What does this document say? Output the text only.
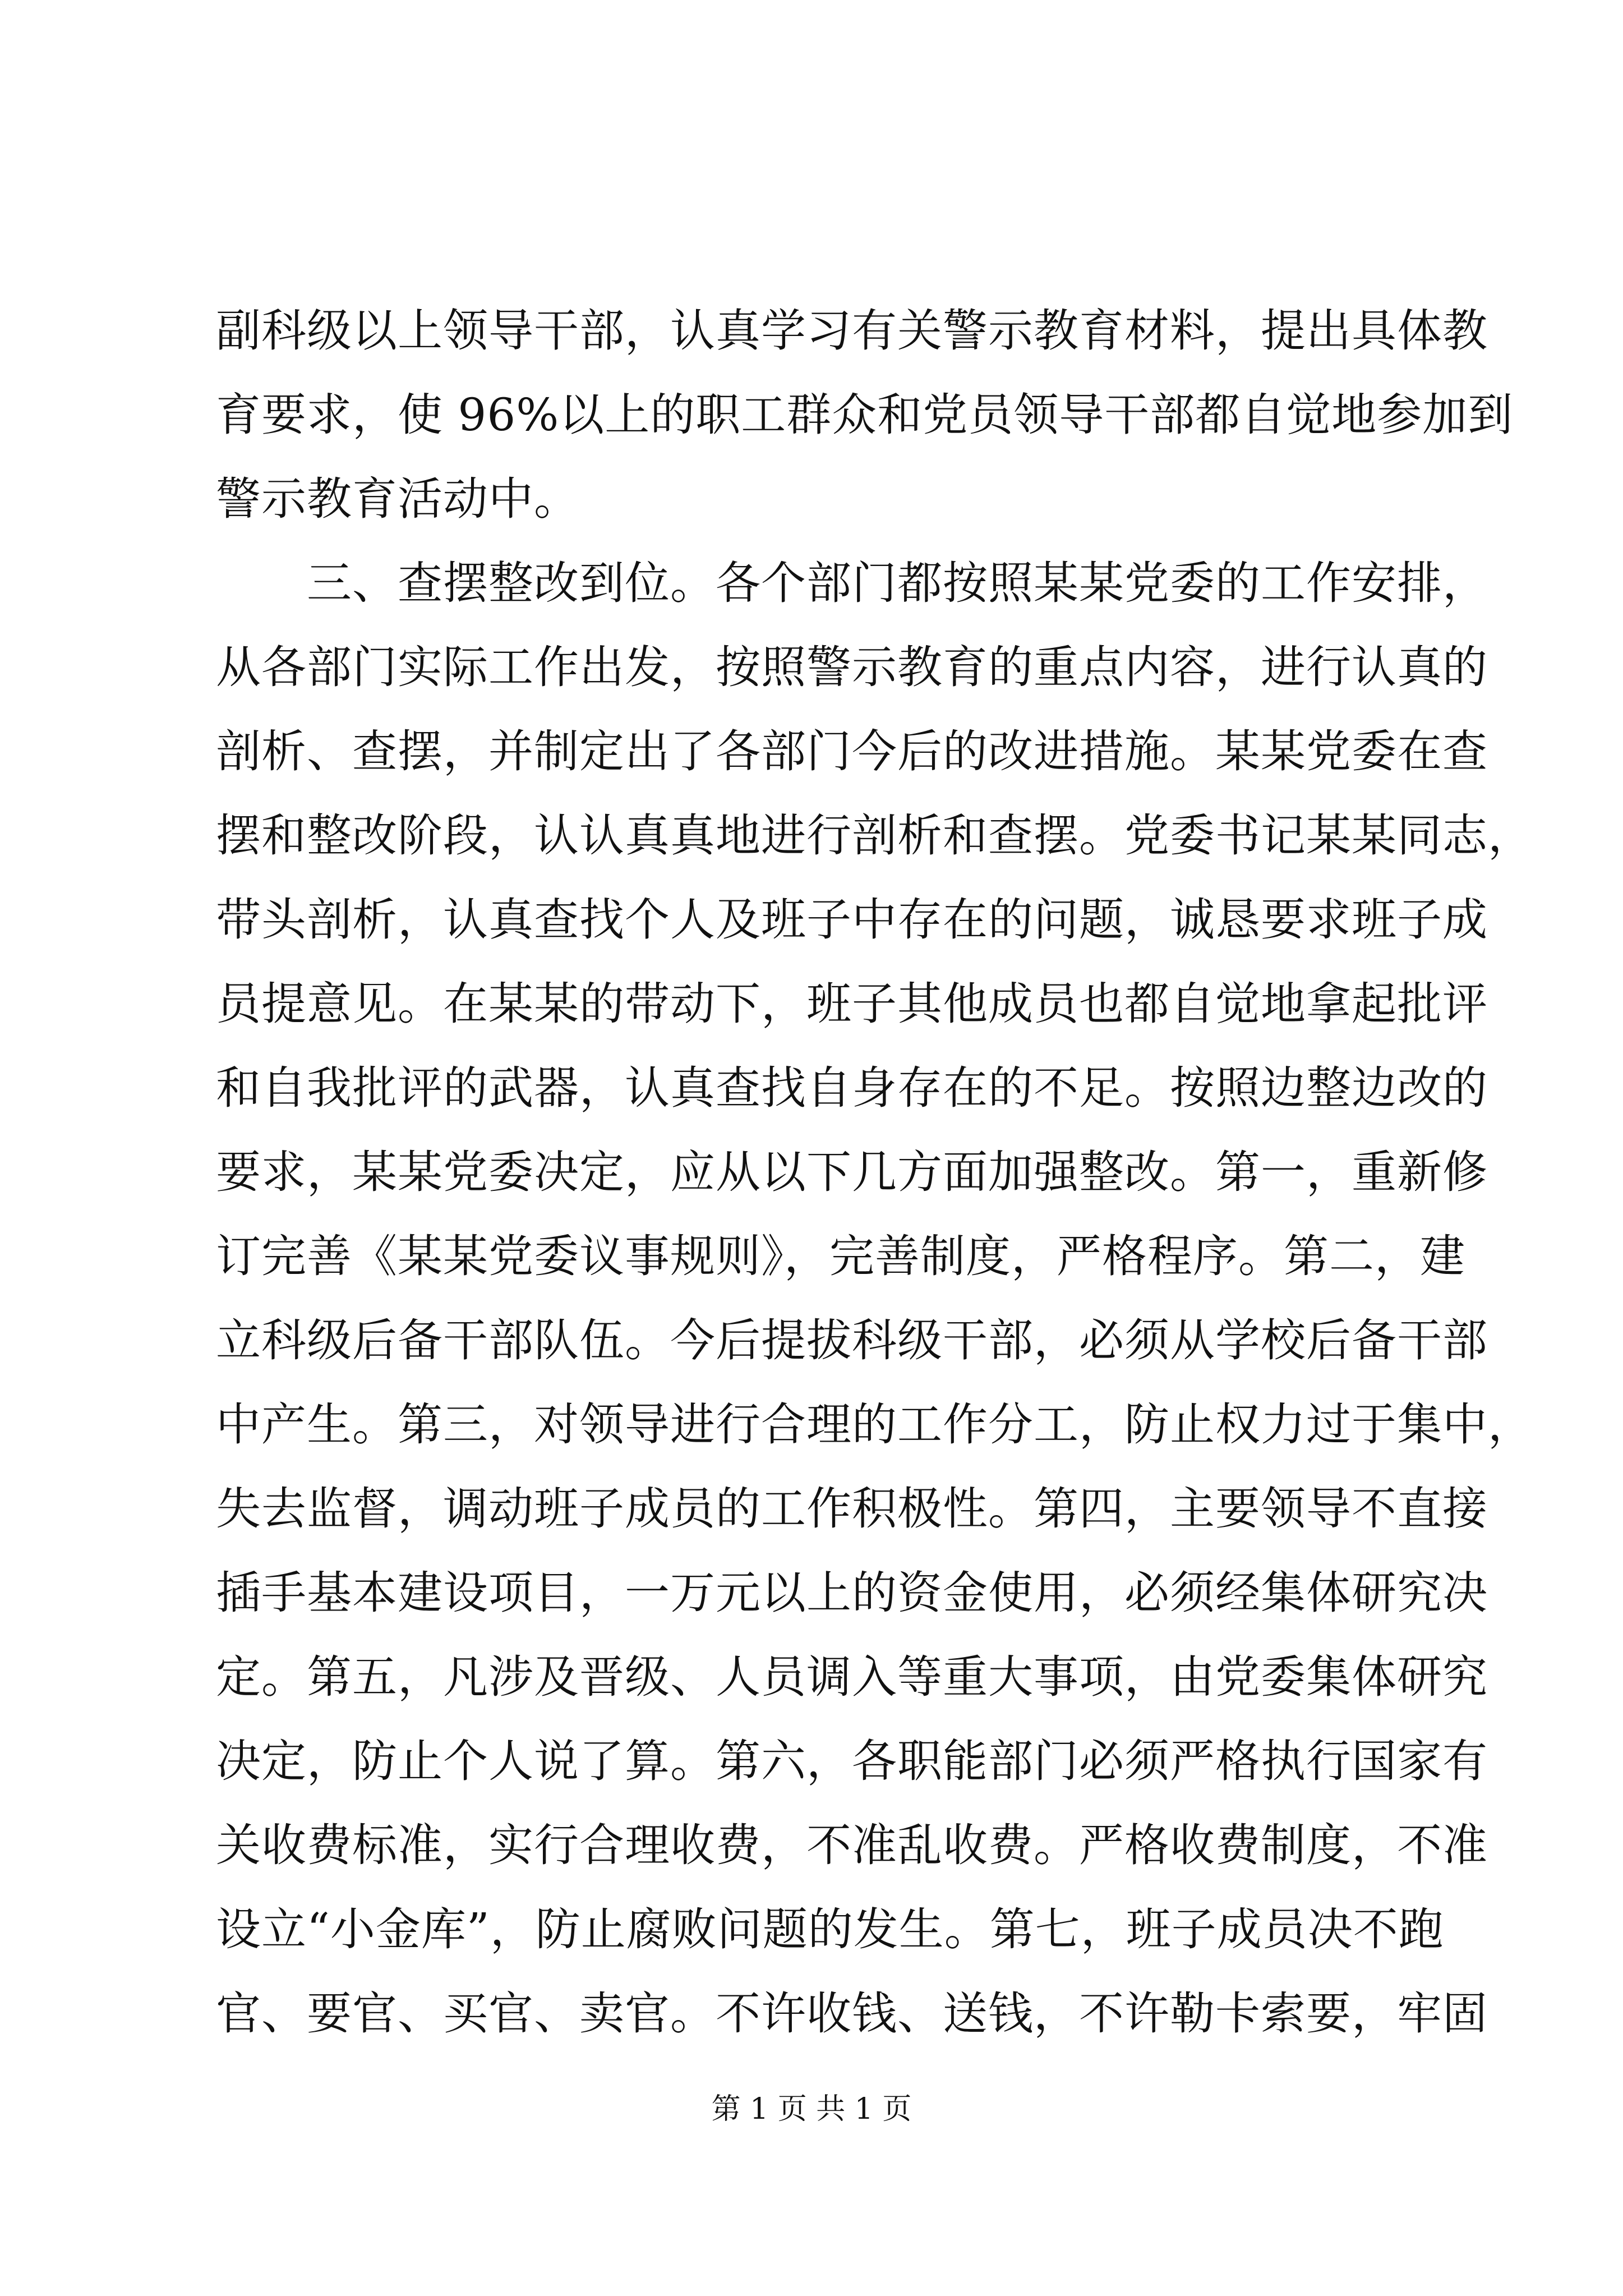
副科级以上领导干部，认真学习有关警示教育材料，提出具体教
育要求，使 96%以上的职工群众和党员领导干部都自觉地参加到
警示教育活动中。
　　三、查摆整改到位。各个部门都按照某某党委的工作安排，
从各部门实际工作出发，按照警示教育的重点内容，进行认真的
剖析、查摆，并制定出了各部门今后的改进措施。某某党委在查
摆和整改阶段，认认真真地进行剖析和查摆。党委书记某某同志，
带头剖析，认真查找个人及班子中存在的问题，诚恳要求班子成
员提意见。在某某的带动下，班子其他成员也都自觉地拿起批评
和自我批评的武器，认真查找自身存在的不足。按照边整边改的
要求，某某党委决定，应从以下几方面加强整改。第一，重新修
订完善《某某党委议事规则》，完善制度，严格程序。第二，建
立科级后备干部队伍。今后提拔科级干部，必须从学校后备干部
中产生。第三，对领导进行合理的工作分工，防止权力过于集中，
失去监督，调动班子成员的工作积极性。第四，主要领导不直接
插手基本建设项目，一万元以上的资金使用，必须经集体研究决
定。第五，凡涉及晋级、人员调入等重大事项，由党委集体研究
决定，防止个人说了算。第六，各职能部门必须严格执行国家有
关收费标准，实行合理收费，不准乱收费。严格收费制度，不准
设立“小金库”，防止腐败问题的发生。第七，班子成员决不跑
官、要官、买官、卖官。不许收钱、送钱，不许勒卡索要，牢固
第 1 页 共 1 页
